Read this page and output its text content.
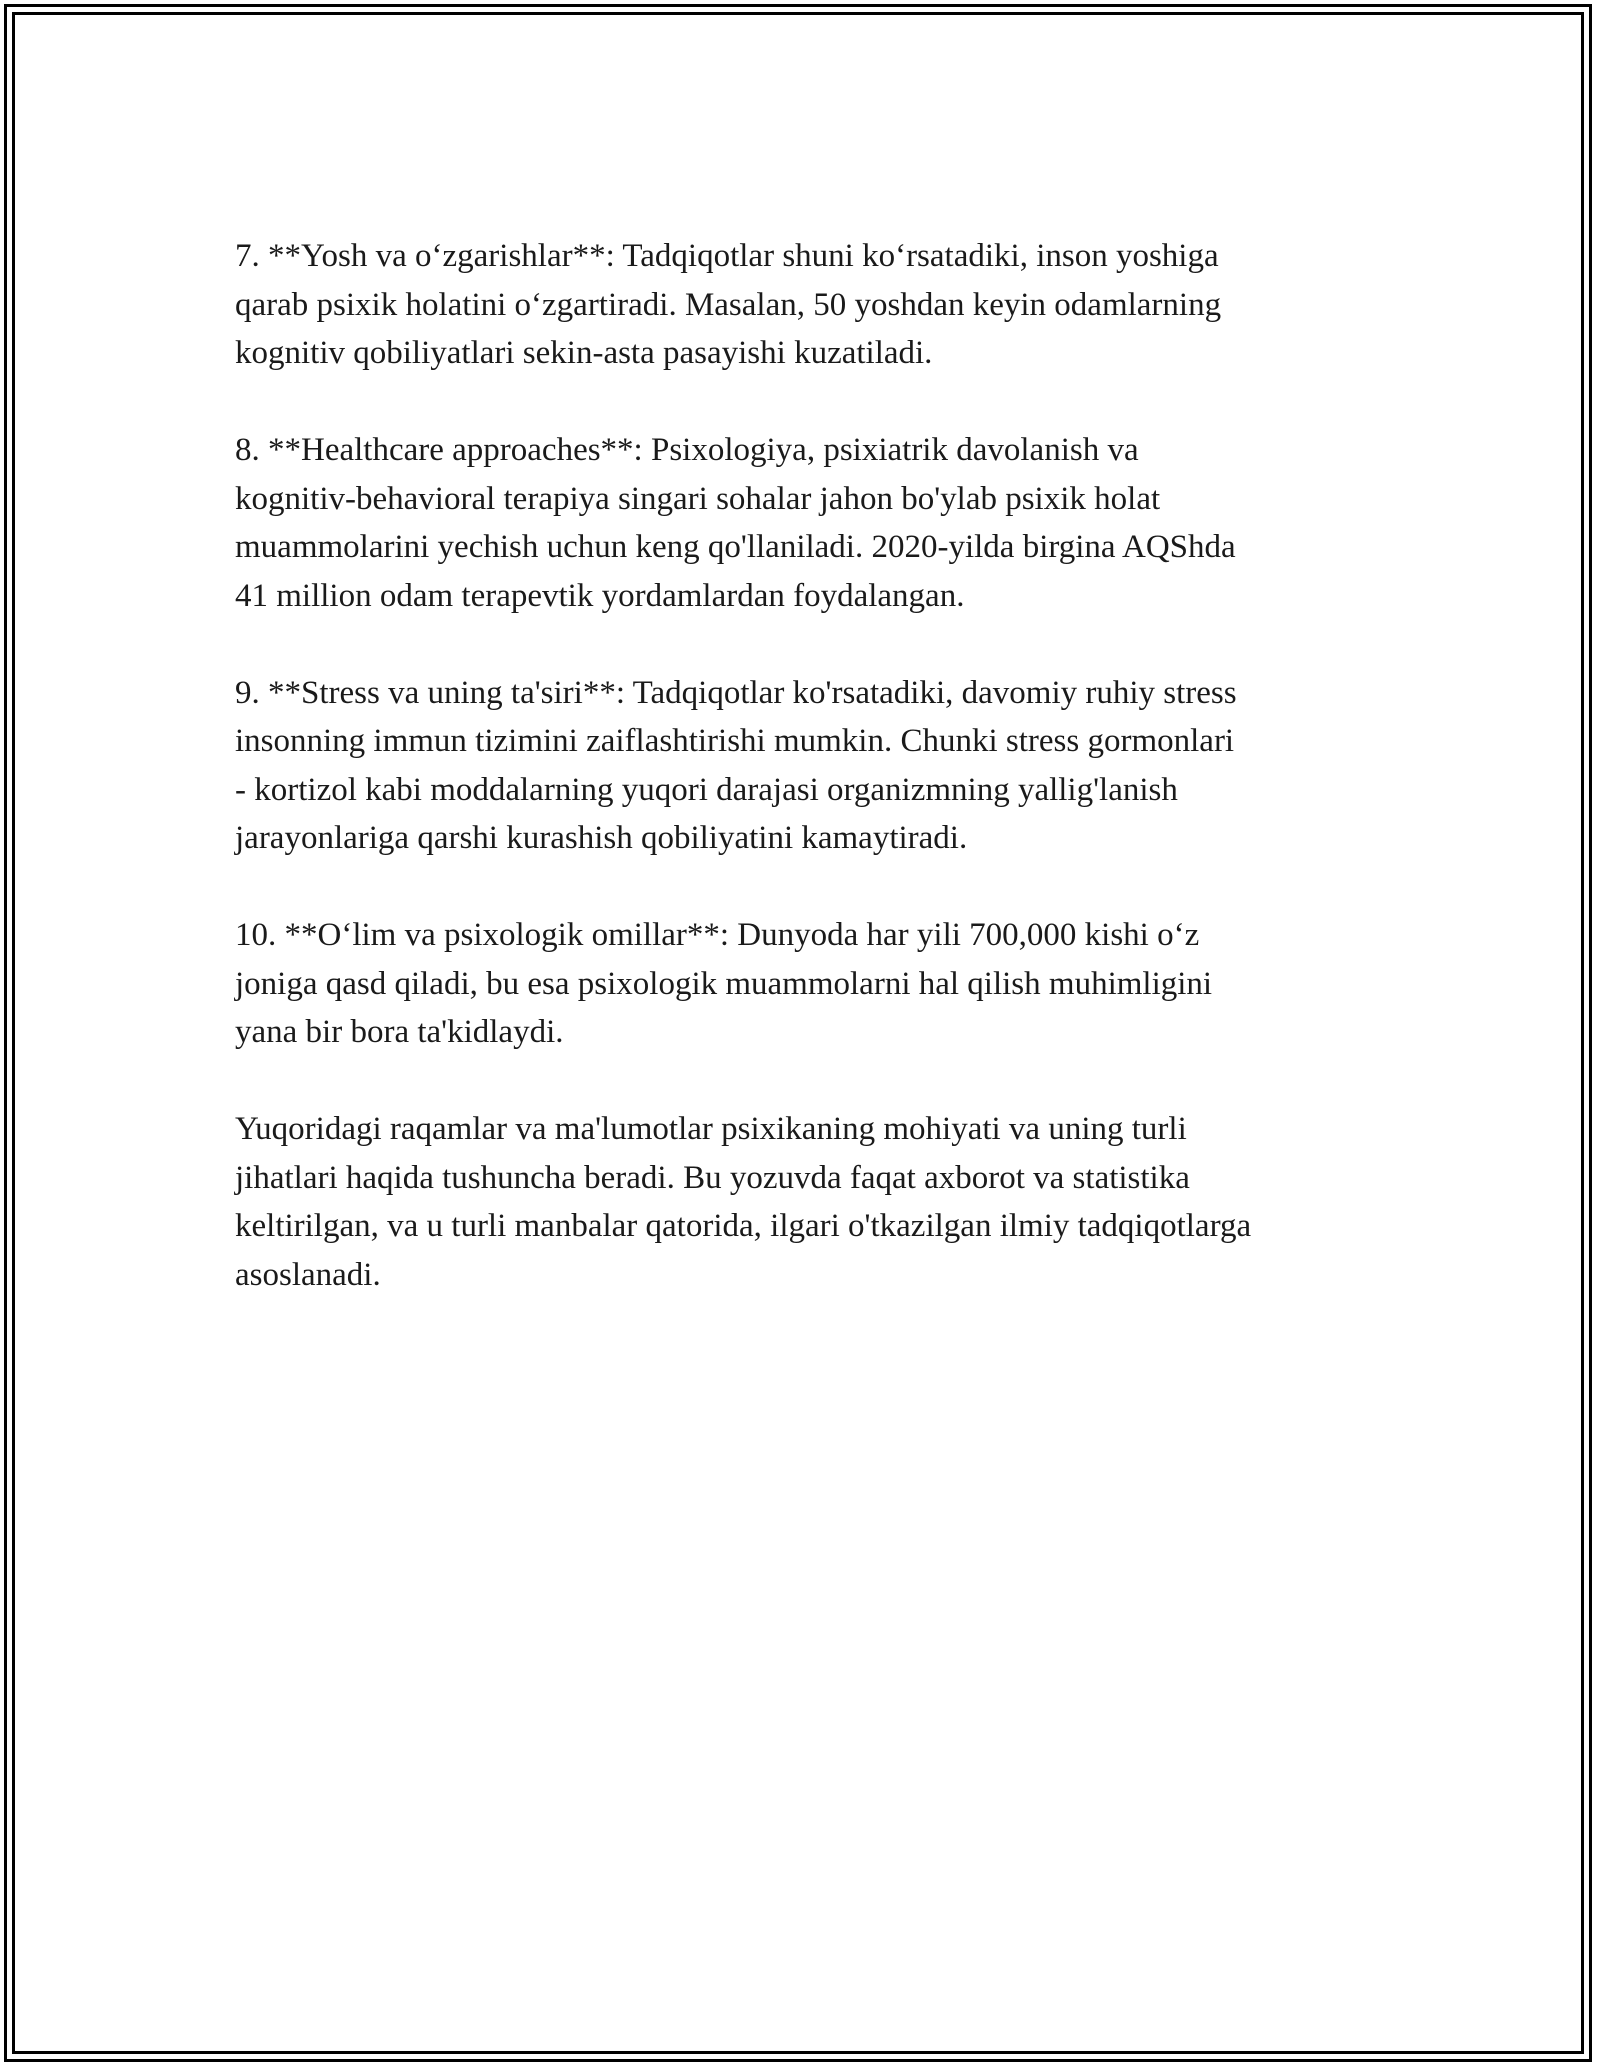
7. **Yosh va o‘zgarishlar**: Tadqiqotlar shuni ko‘rsatadiki, inson yoshiga
qarab psixik holatini o‘zgartiradi. Masalan, 50 yoshdan keyin odamlarning
kognitiv qobiliyatlari sekin-asta pasayishi kuzatiladi.

8. **Healthcare approaches**: Psixologiya, psixiatrik davolanish va
kognitiv-behavioral terapiya singari sohalar jahon bo'ylab psixik holat
muammolarini yechish uchun keng qo'llaniladi. 2020-yilda birgina AQShda
41 million odam terapevtik yordamlardan foydalangan.

9. **Stress va uning ta'siri**: Tadqiqotlar ko'rsatadiki, davomiy ruhiy stress
insonning immun tizimini zaiflashtirishi mumkin. Chunki stress gormonlari
- kortizol kabi moddalarning yuqori darajasi organizmning yallig'lanish
jarayonlariga qarshi kurashish qobiliyatini kamaytiradi.

10. **O‘lim va psixologik omillar**: Dunyoda har yili 700,000 kishi o‘z
joniga qasd qiladi, bu esa psixologik muammolarni hal qilish muhimligini
yana bir bora ta'kidlaydi.

Yuqoridagi raqamlar va ma'lumotlar psixikaning mohiyati va uning turli
jihatlari haqida tushuncha beradi. Bu yozuvda faqat axborot va statistika
keltirilgan, va u turli manbalar qatorida, ilgari o'tkazilgan ilmiy tadqiqotlarga
asoslanadi.
